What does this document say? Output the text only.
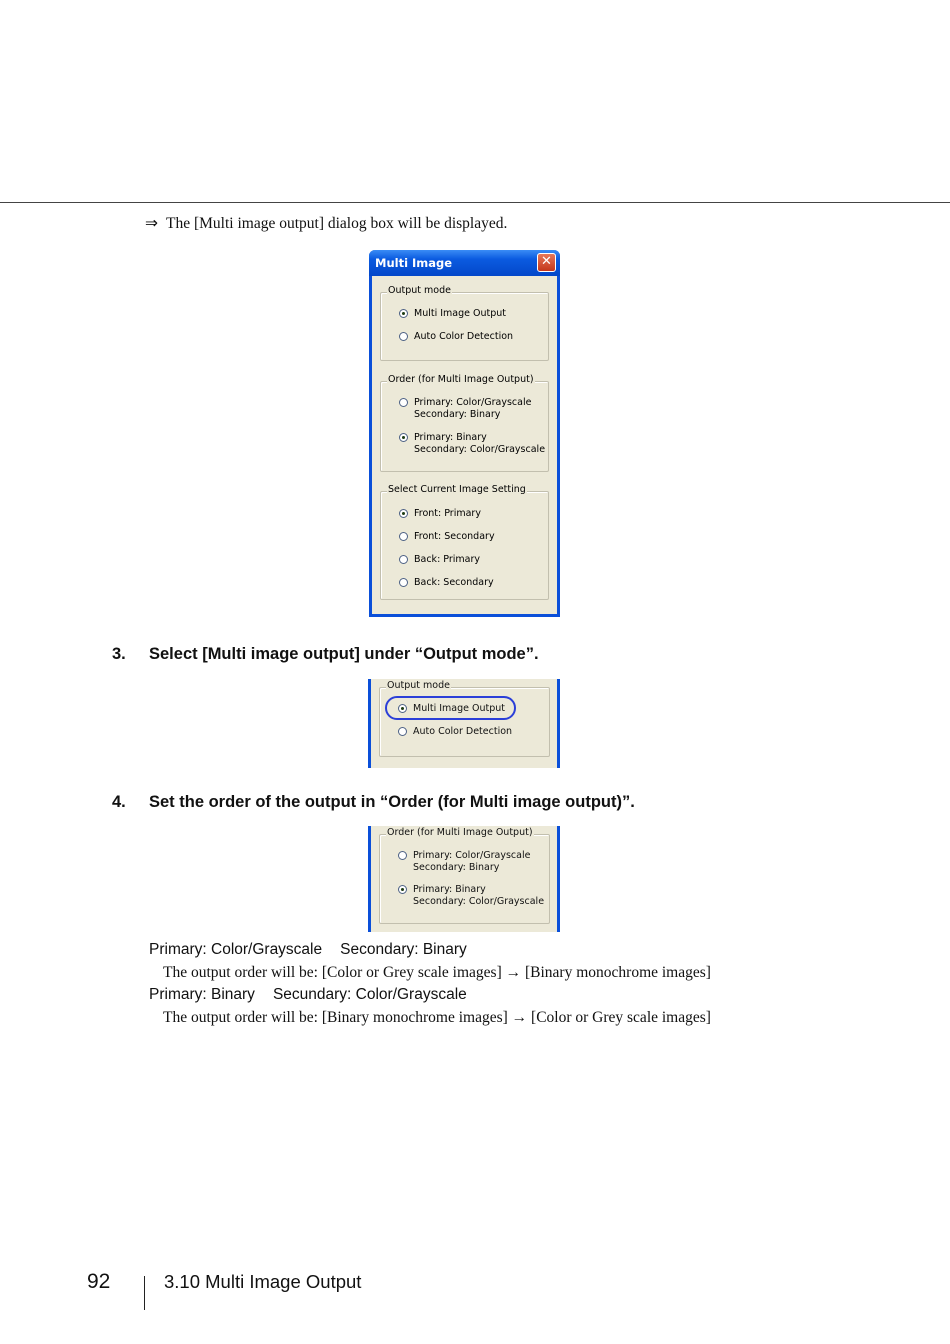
⇒ The [Multi image output] dialog box will be displayed.
Multi Image	✕
Output mode
Multi Image Output
Auto Color Detection
Order (for Multi Image Output)
Primary: Color/Grayscale
Secondary: Binary
Primary: Binary
Secondary: Color/Grayscale
Select Current Image Setting
Front: Primary
Front: Secondary
Back: Primary
Back: Secondary
3. Select [Multi image output] under “Output mode”.
Output mode
Multi Image Output
Auto Color Detection
4. Set the order of the output in “Order (for Multi image output)”.
Order (for Multi Image Output)
Primary: Color/Grayscale
Secondary: Binary
Primary: Binary
Secondary: Color/Grayscale
Primary: Color/Grayscale Secondary: Binary
The output order will be: [Color or Grey scale images] → [Binary monochrome images]
Primary: Binary Secundary: Color/Grayscale
The output order will be: [Binary monochrome images] → [Color or Grey scale images]
92	3.10 Multi Image Output
